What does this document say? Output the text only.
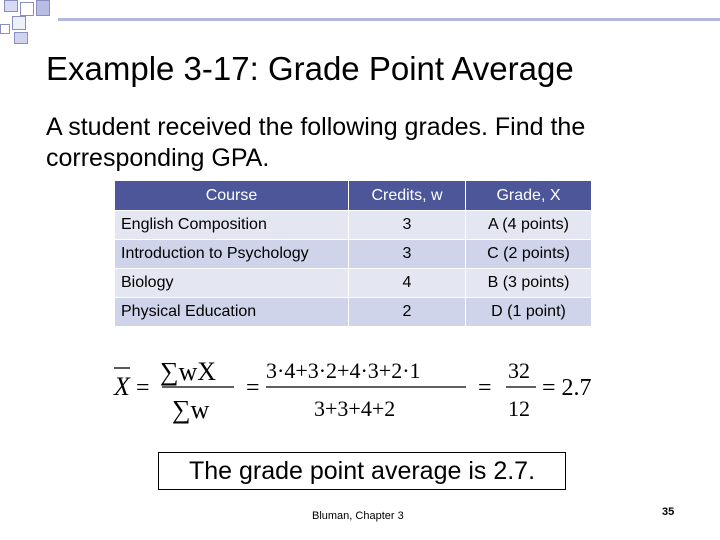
Example 3-17: Grade Point Average

A student received the following grades. Find the corresponding GPA.

Course	Credits, w	Grade, X
English Composition	3	A (4 points)
Introduction to Psychology	3	C (2 points)
Biology	4	B (3 points)
Physical Education	2	D (1 point)
X =
∑wX
∑w
=
3·4+3·2+4·3+2·1
3+3+4+2
=
32
12
= 2.7
The grade point average is 2.7.
Bluman, Chapter 3	35
